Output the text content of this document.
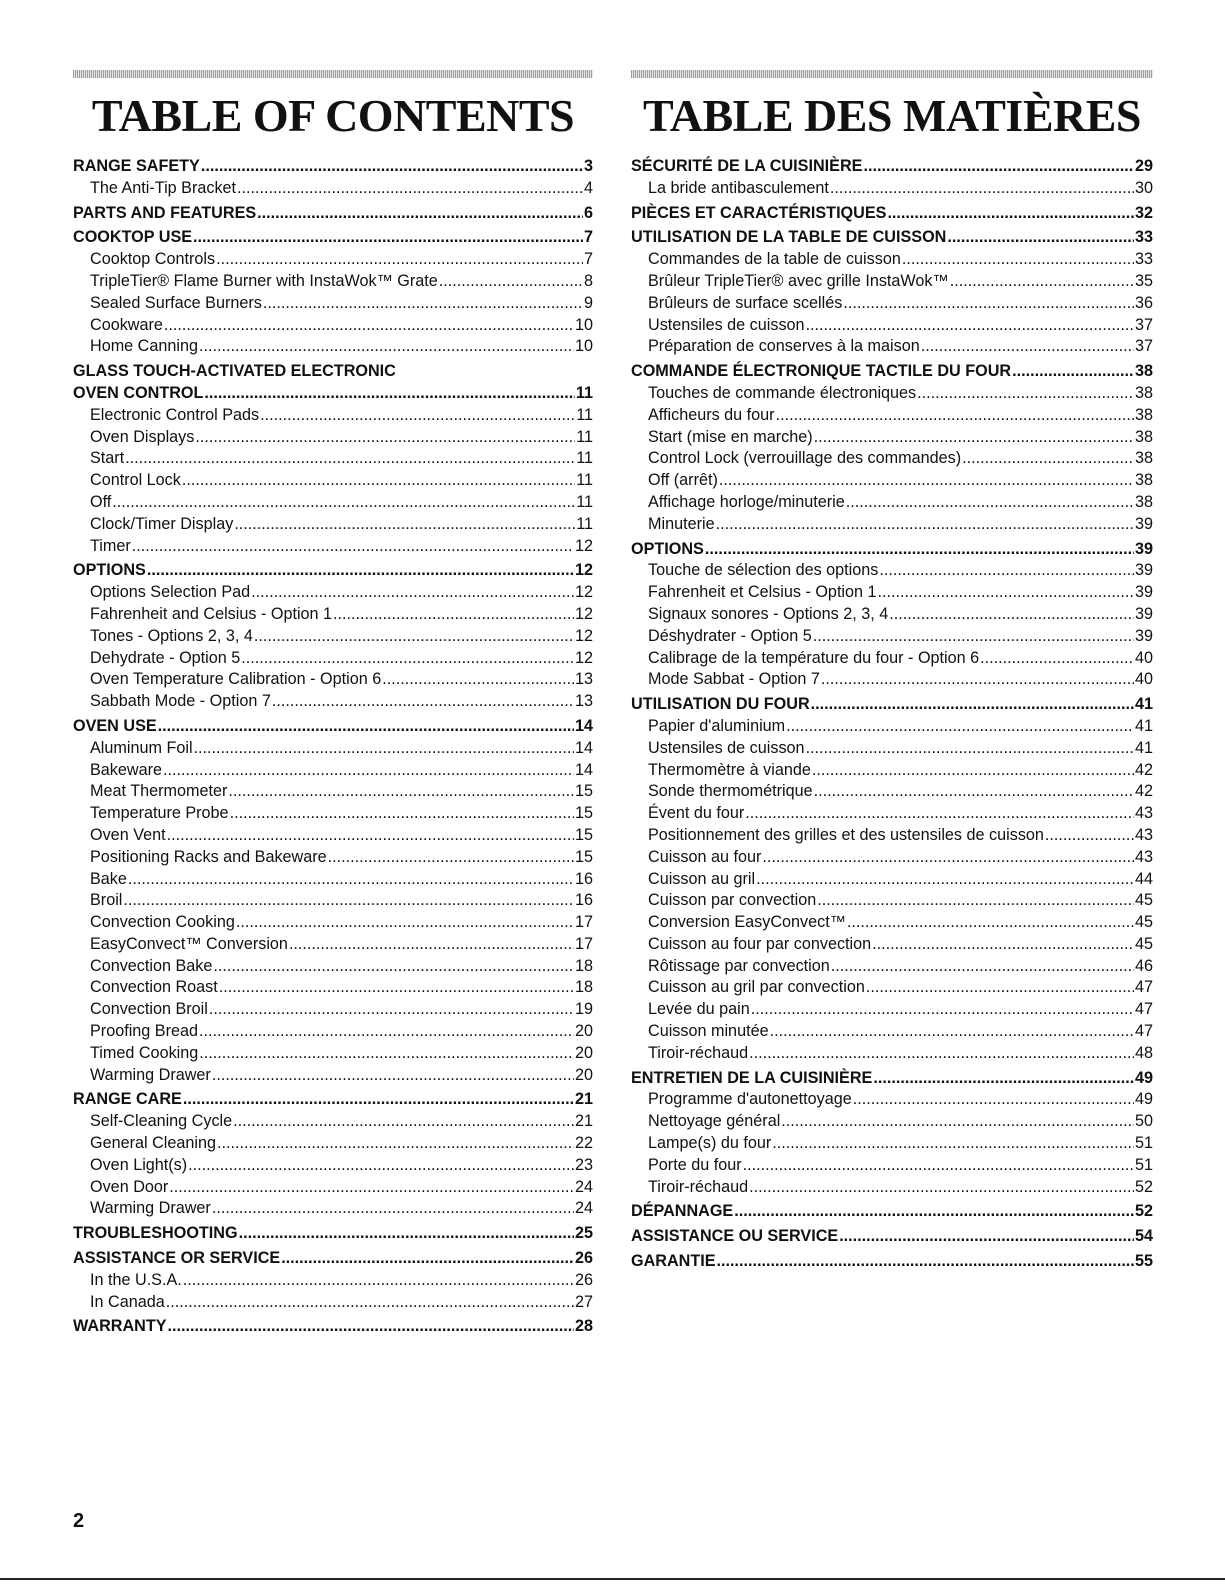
TABLE OF CONTENTS
RANGE SAFETY .....	3
The Anti-Tip Bracket .....	4
PARTS AND FEATURES .....	6
COOKTOP USE .....	7
Cooktop Controls .....	7
TripleTier® Flame Burner with InstaWok™ Grate .....	8
Sealed Surface Burners .....	9
Cookware .....	10
Home Canning .....	10
GLASS TOUCH-ACTIVATED ELECTRONIC
OVEN CONTROL .....	11
Electronic Control Pads .....	11
Oven Displays .....	11
Start .....	11
Control Lock .....	11
Off .....	11
Clock/Timer Display .....	11
Timer .....	12
OPTIONS .....	12
Options Selection Pad .....	12
Fahrenheit and Celsius - Option 1 .....	12
Tones - Options 2, 3, 4 .....	12
Dehydrate - Option 5 .....	12
Oven Temperature Calibration - Option 6 .....	13
Sabbath Mode - Option 7 .....	13
OVEN USE .....	14
Aluminum Foil .....	14
Bakeware .....	14
Meat Thermometer .....	15
Temperature Probe .....	15
Oven Vent .....	15
Positioning Racks and Bakeware .....	15
Bake .....	16
Broil .....	16
Convection Cooking .....	17
EasyConvect™ Conversion .....	17
Convection Bake .....	18
Convection Roast .....	18
Convection Broil .....	19
Proofing Bread .....	20
Timed Cooking .....	20
Warming Drawer .....	20
RANGE CARE .....	21
Self-Cleaning Cycle .....	21
General Cleaning .....	22
Oven Light(s) .....	23
Oven Door .....	24
Warming Drawer .....	24
TROUBLESHOOTING .....	25
ASSISTANCE OR SERVICE .....	26
In the U.S.A. .....	26
In Canada .....	27
WARRANTY .....	28
TABLE DES MATIÈRES
SÉCURITÉ DE LA CUISINIÈRE .....	29
La bride antibasculement .....	30
PIÈCES ET CARACTÉRISTIQUES .....	32
UTILISATION DE LA TABLE DE CUISSON .....	33
Commandes de la table de cuisson .....	33
Brûleur TripleTier® avec grille InstaWok™ .....	35
Brûleurs de surface scellés .....	36
Ustensiles de cuisson .....	37
Préparation de conserves à la maison .....	37
COMMANDE ÉLECTRONIQUE TACTILE DU FOUR .....	38
Touches de commande électroniques .....	38
Afficheurs du four .....	38
Start (mise en marche) .....	38
Control Lock (verrouillage des commandes) .....	38
Off (arrêt) .....	38
Affichage horloge/minuterie .....	38
Minuterie .....	39
OPTIONS .....	39
Touche de sélection des options .....	39
Fahrenheit et Celsius - Option 1 .....	39
Signaux sonores - Options 2, 3, 4 .....	39
Déshydrater - Option 5 .....	39
Calibrage de la température du four - Option 6 .....	40
Mode Sabbat - Option 7 .....	40
UTILISATION DU FOUR .....	41
Papier d'aluminium .....	41
Ustensiles de cuisson .....	41
Thermomètre à viande .....	42
Sonde thermométrique .....	42
Évent du four .....	43
Positionnement des grilles et des ustensiles de cuisson .....	43
Cuisson au four .....	43
Cuisson au gril .....	44
Cuisson par convection .....	45
Conversion EasyConvect™ .....	45
Cuisson au four par convection .....	45
Rôtissage par convection .....	46
Cuisson au gril par convection .....	47
Levée du pain .....	47
Cuisson minutée .....	47
Tiroir-réchaud .....	48
ENTRETIEN DE LA CUISINIÈRE .....	49
Programme d'autonettoyage .....	49
Nettoyage général .....	50
Lampe(s) du four .....	51
Porte du four .....	51
Tiroir-réchaud .....	52
DÉPANNAGE .....	52
ASSISTANCE OU SERVICE .....	54
GARANTIE .....	55
2
